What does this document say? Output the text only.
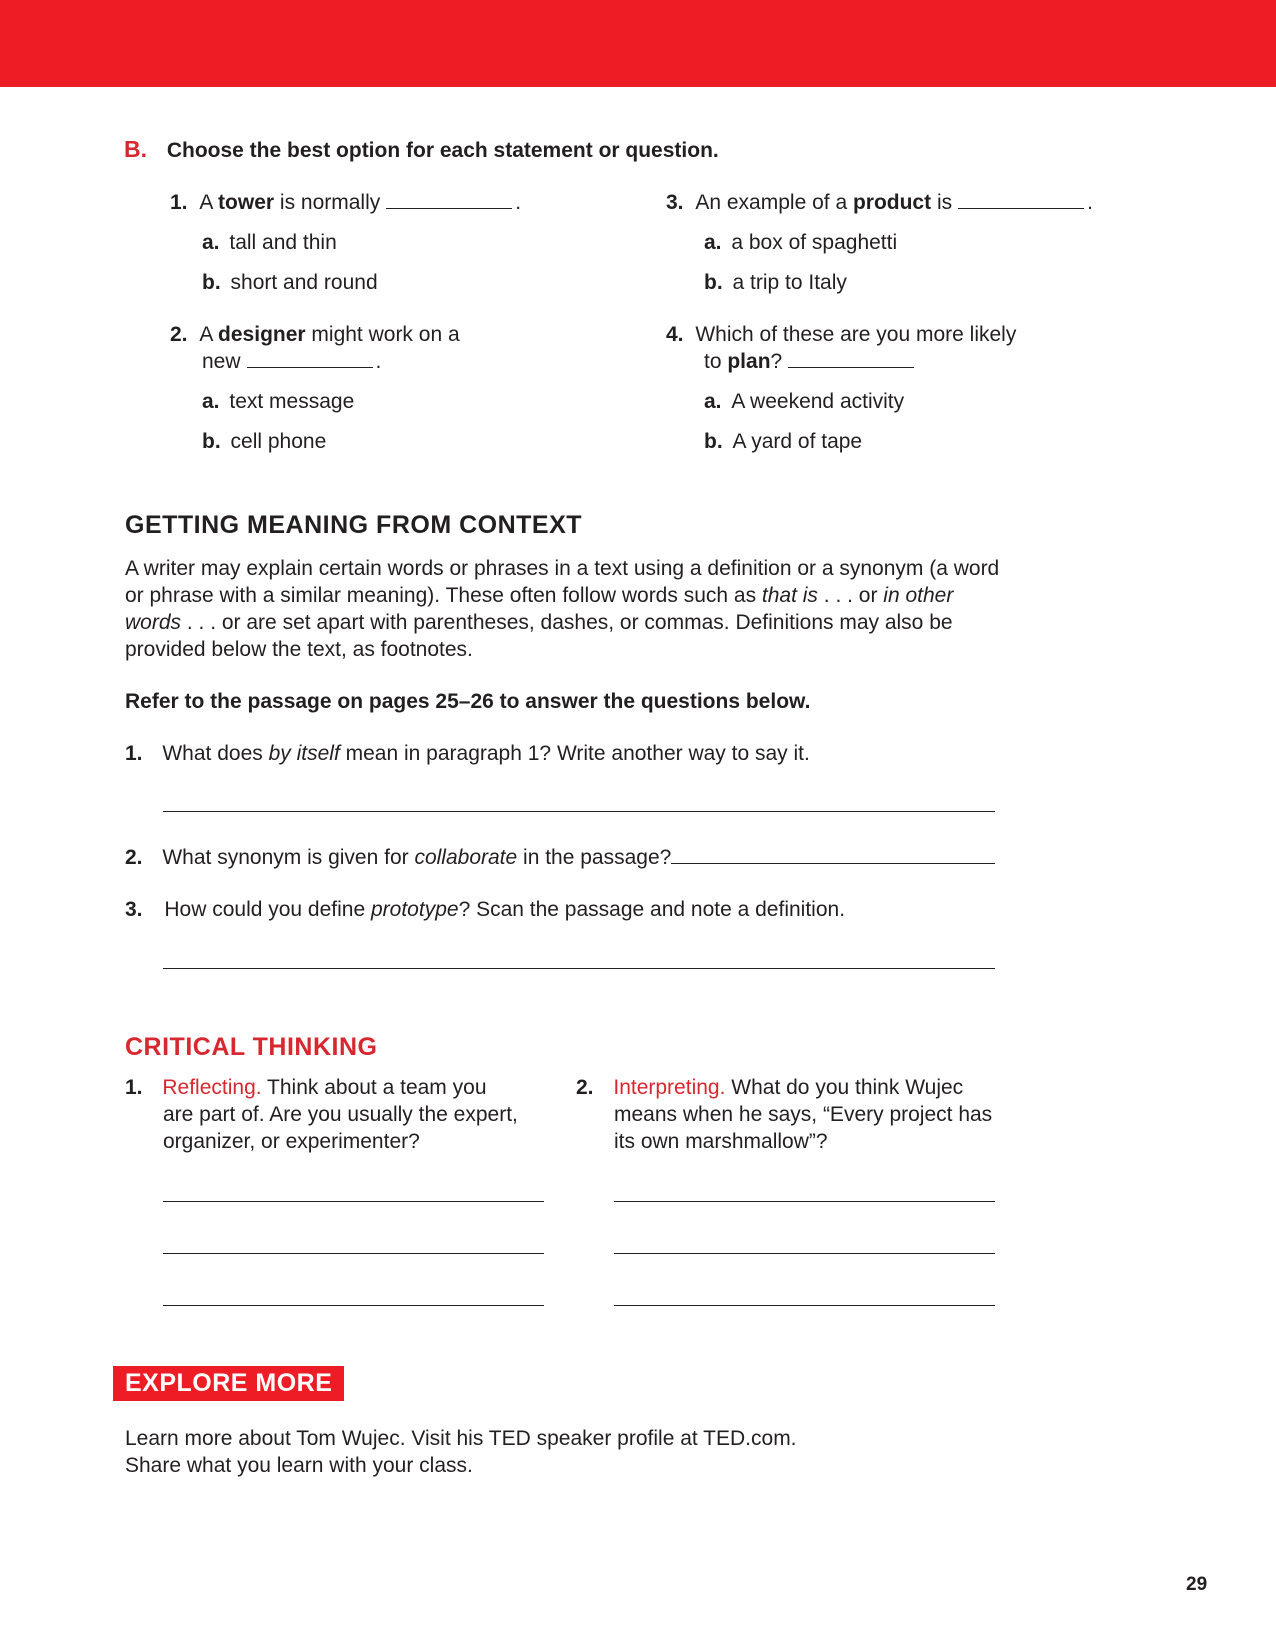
B. Choose the best option for each statement or question.
1. A tower is normally	.
a. tall and thin
b. short and round
2. A designer might work on a
new	.
a. text message
b. cell phone
3. An example of a product is	.
a. a box of spaghetti
b. a trip to Italy
4. Which of these are you more likely
to plan?
a. A weekend activity
b. A yard of tape
GETTING MEANING FROM CONTEXT
A writer may explain certain words or phrases in a text using a definition or a synonym (a word
or phrase with a similar meaning). These often follow words such as that is . . . or in other
words . . . or are set apart with parentheses, dashes, or commas. Definitions may also be
provided below the text, as footnotes.
Refer to the passage on pages 25–26 to answer the questions below.
1. What does by itself mean in paragraph 1? Write another way to say it.
2. What synonym is given for collaborate in the passage?
3. How could you define prototype? Scan the passage and note a definition.
CRITICAL THINKING
1. Reflecting. Think about a team you
are part of. Are you usually the expert,
organizer, or experimenter?
2. Interpreting. What do you think Wujec
means when he says, “Every project has
its own marshmallow”?
EXPLORE MORE
Learn more about Tom Wujec. Visit his TED speaker profile at TED.com.
Share what you learn with your class.
29
